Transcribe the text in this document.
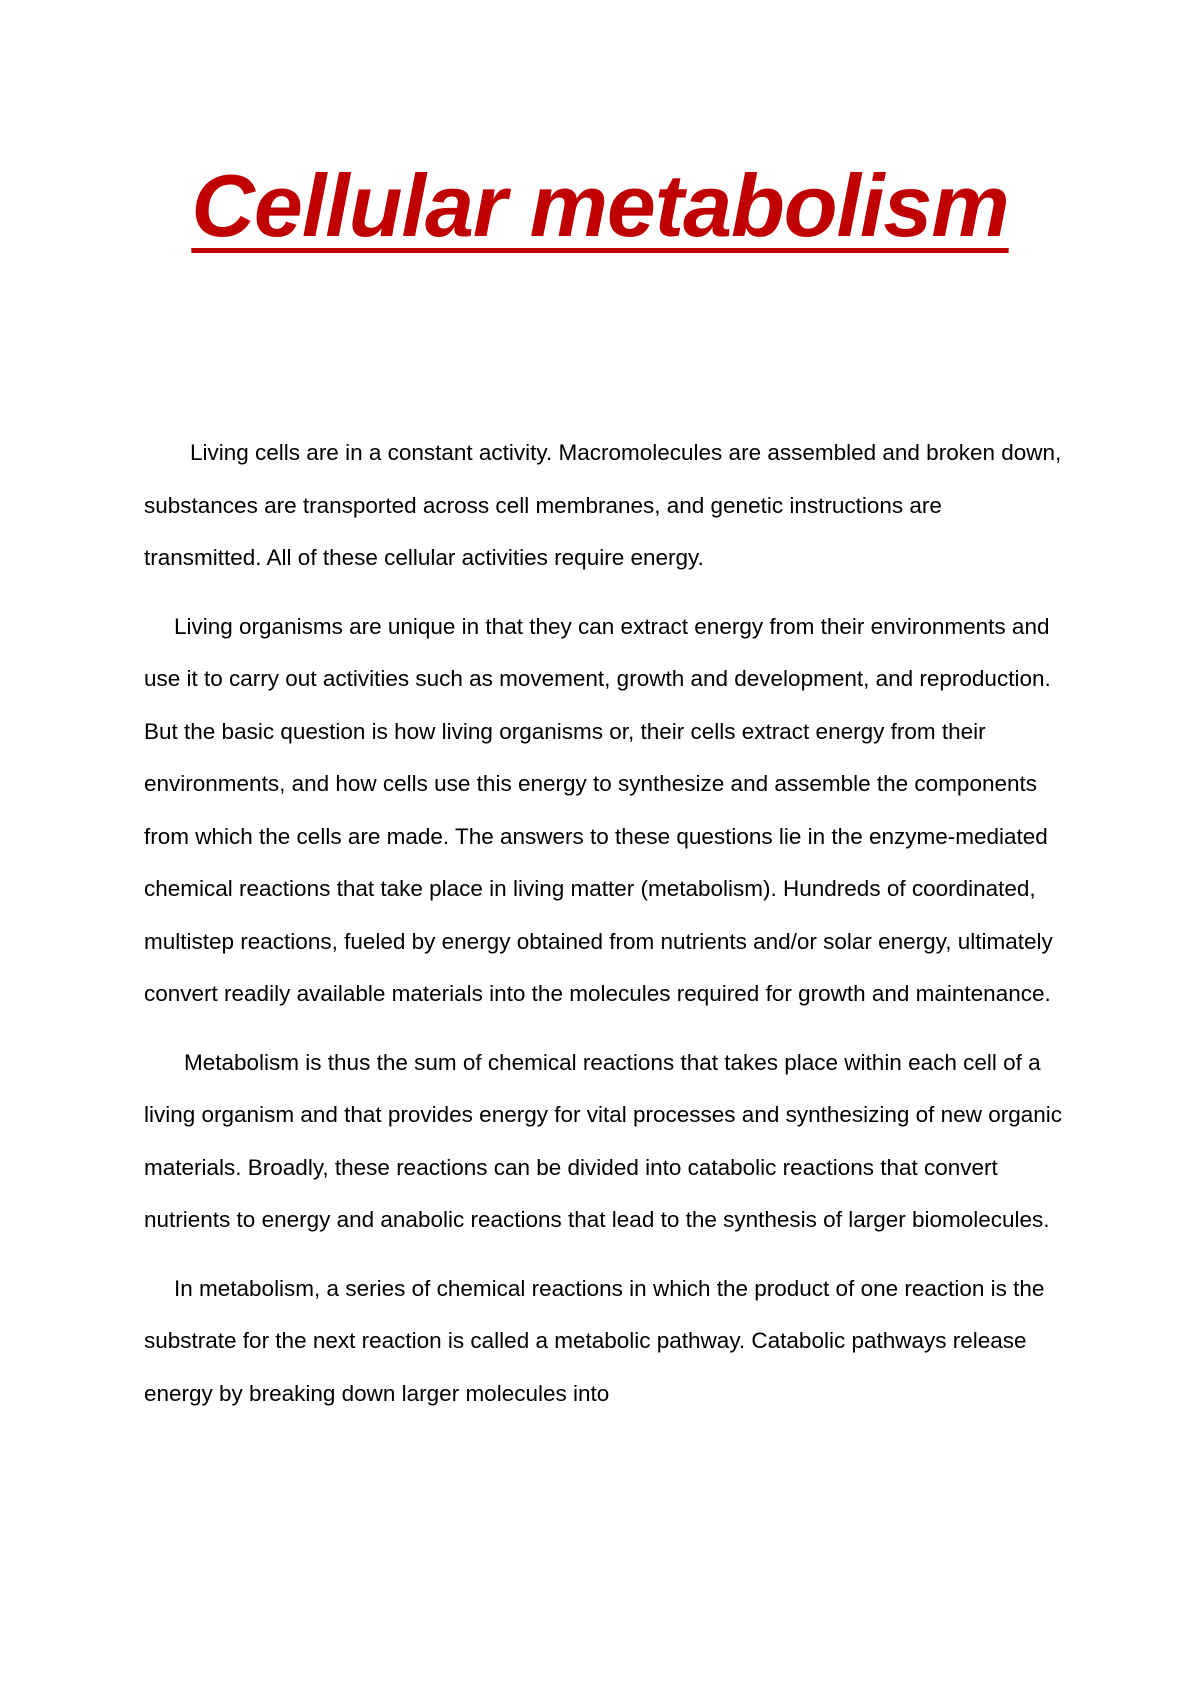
Cellular metabolism

Living cells are in a constant activity. Macromolecules are assembled and broken down, substances are transported across cell membranes, and genetic instructions are transmitted. All of these cellular activities require energy.

Living organisms are unique in that they can extract energy from their environments and use it to carry out activities such as movement, growth and development, and reproduction. But the basic question is how living organisms or, their cells extract energy from their environments, and how cells use this energy to synthesize and assemble the components from which the cells are made. The answers to these questions lie in the enzyme-mediated chemical reactions that take place in living matter (metabolism). Hundreds of coordinated, multistep reactions, fueled by energy obtained from nutrients and/or solar energy, ultimately convert readily available materials into the molecules required for growth and maintenance.

Metabolism is thus the sum of chemical reactions that takes place within each cell of a living organism and that provides energy for vital processes and synthesizing of new organic materials. Broadly, these reactions can be divided into catabolic reactions that convert nutrients to energy and anabolic reactions that lead to the synthesis of larger biomolecules.

In metabolism, a series of chemical reactions in which the product of one reaction is the substrate for the next reaction is called a metabolic pathway. Catabolic pathways release energy by breaking down larger molecules into
